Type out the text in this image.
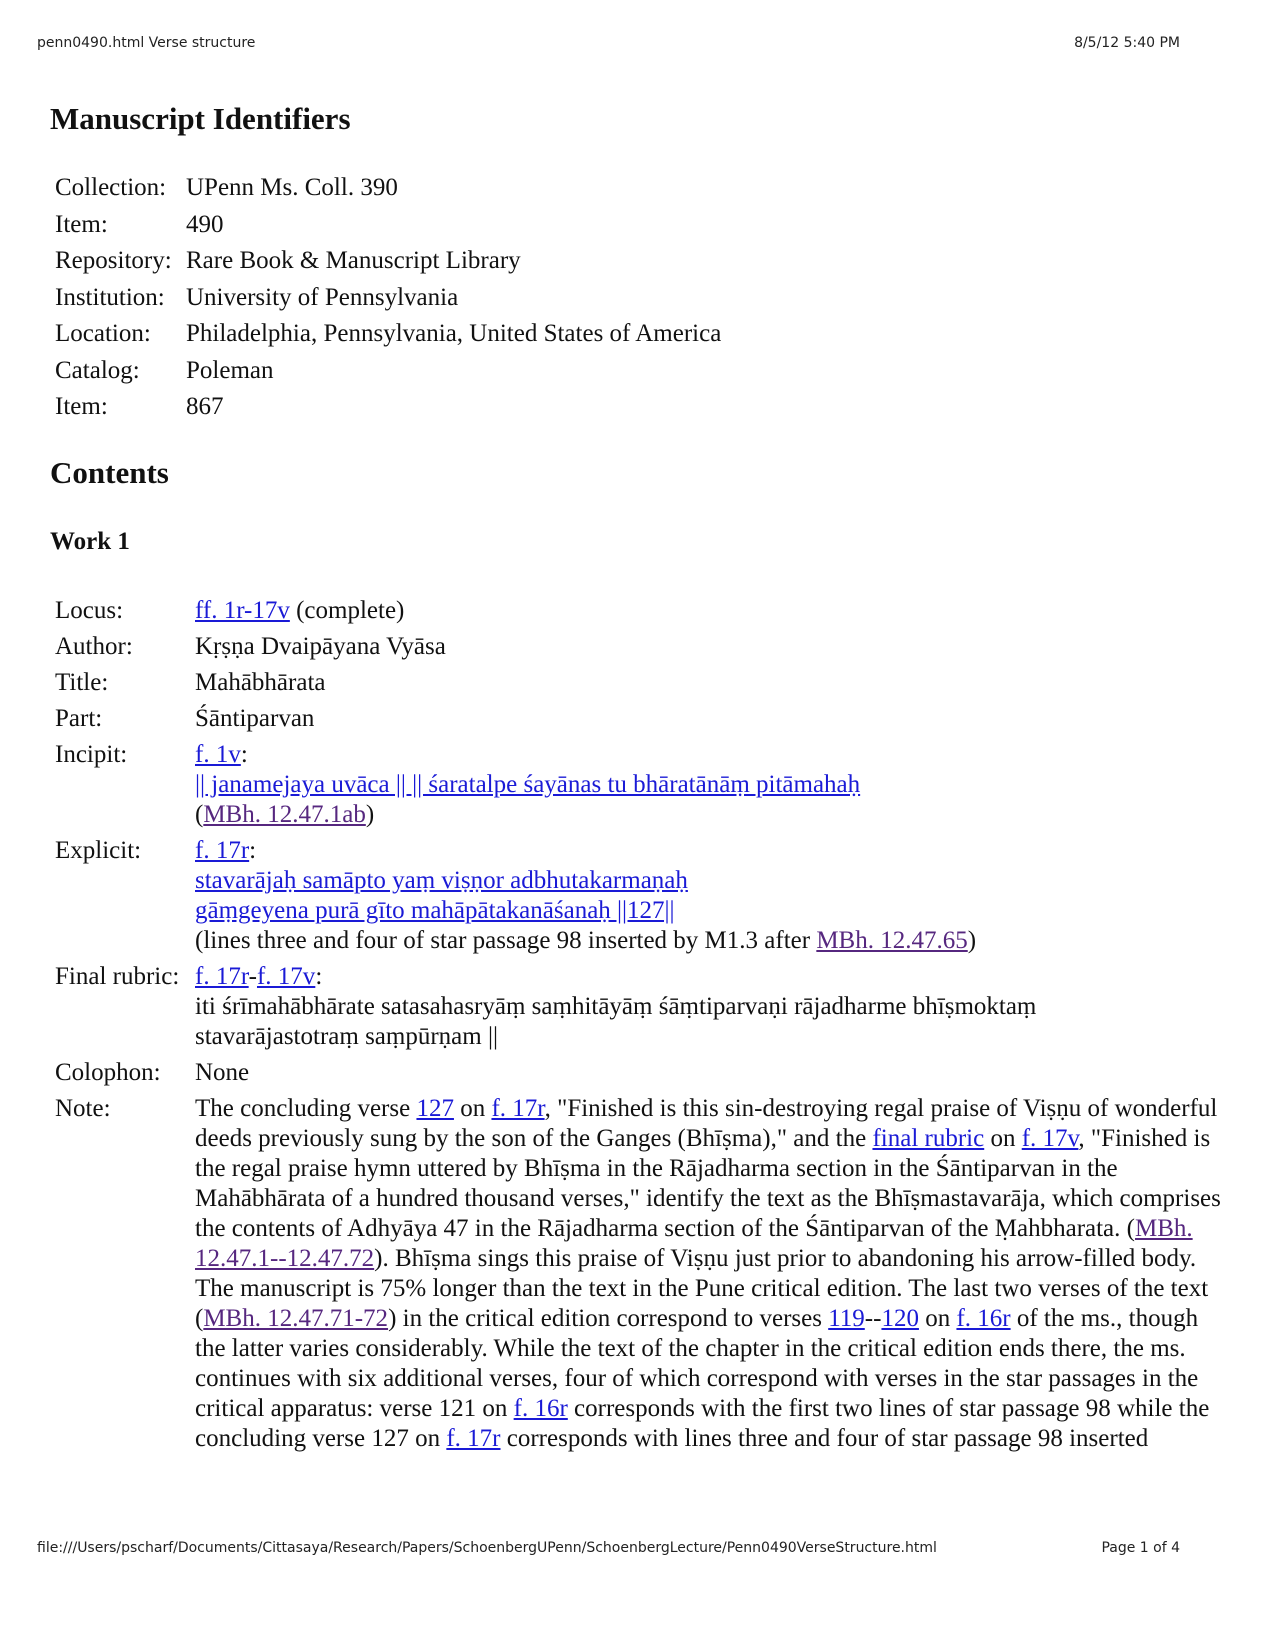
penn0490.html Verse structure	8/5/12 5:40 PM
Manuscript Identifiers
Collection: UPenn Ms. Coll. 390
Item:	490
Repository: Rare Book & Manuscript Library
Institution: University of Pennsylvania
Location:	Philadelphia, Pennsylvania, United States of America
Catalog:	Poleman
Item:	867
Contents
Work 1
Locus:	ff. 1r-17v (complete)
Author:	Kṛṣṇa Dvaipāyana Vyāsa
Title:	Mahābhārata
Part:	Śāntiparvan
Incipit:	f. 1v:
|| janamejaya uvāca || || śaratalpe śayānas tu bhāratānāṃ pitāmahaḥ
(MBh. 12.47.1ab)
Explicit:	f. 17r:
stavarājaḥ samāpto yaṃ viṣṇor adbhutakarmaṇaḥ
gāṃgeyena purā gīto mahāpātakanāśanaḥ ||127||
(lines three and four of star passage 98 inserted by M1.3 after MBh. 12.47.65)
Final rubric: f. 17r-f. 17v:
iti śrīmahābhārate satasahasryāṃ saṃhitāyāṃ śāṃtiparvaṇi rājadharme bhīṣmoktaṃ
stavarājastotraṃ saṃpūrṇam ||
Colophon:	None
Note:	The concluding verse 127 on f. 17r, "Finished is this sin-destroying regal praise of Viṣṇu of wonderful deeds previously sung by the son of the Ganges (Bhīṣma)," and the final rubric on f. 17v, "Finished is the regal praise hymn uttered by Bhīṣma in the Rājadharma section in the Śāntiparvan in the Mahābhārata of a hundred thousand verses," identify the text as the Bhīṣmastavarāja, which comprises the contents of Adhyāya 47 in the Rājadharma section of the Śāntiparvan of the Ṃahbharata. (MBh. 12.47.1--12.47.72). Bhīṣma sings this praise of Viṣṇu just prior to abandoning his arrow-filled body. The manuscript is 75% longer than the text in the Pune critical edition. The last two verses of the text (MBh. 12.47.71-72) in the critical edition correspond to verses 119--120 on f. 16r of the ms., though the latter varies considerably. While the text of the chapter in the critical edition ends there, the ms. continues with six additional verses, four of which correspond with verses in the star passages in the critical apparatus: verse 121 on f. 16r corresponds with the first two lines of star passage 98 while the concluding verse 127 on f. 17r corresponds with lines three and four of star passage 98 inserted
file:///Users/pscharf/Documents/Cittasaya/Research/Papers/SchoenbergUPenn/SchoenbergLecture/Penn0490VerseStructure.html	Page 1 of 4
